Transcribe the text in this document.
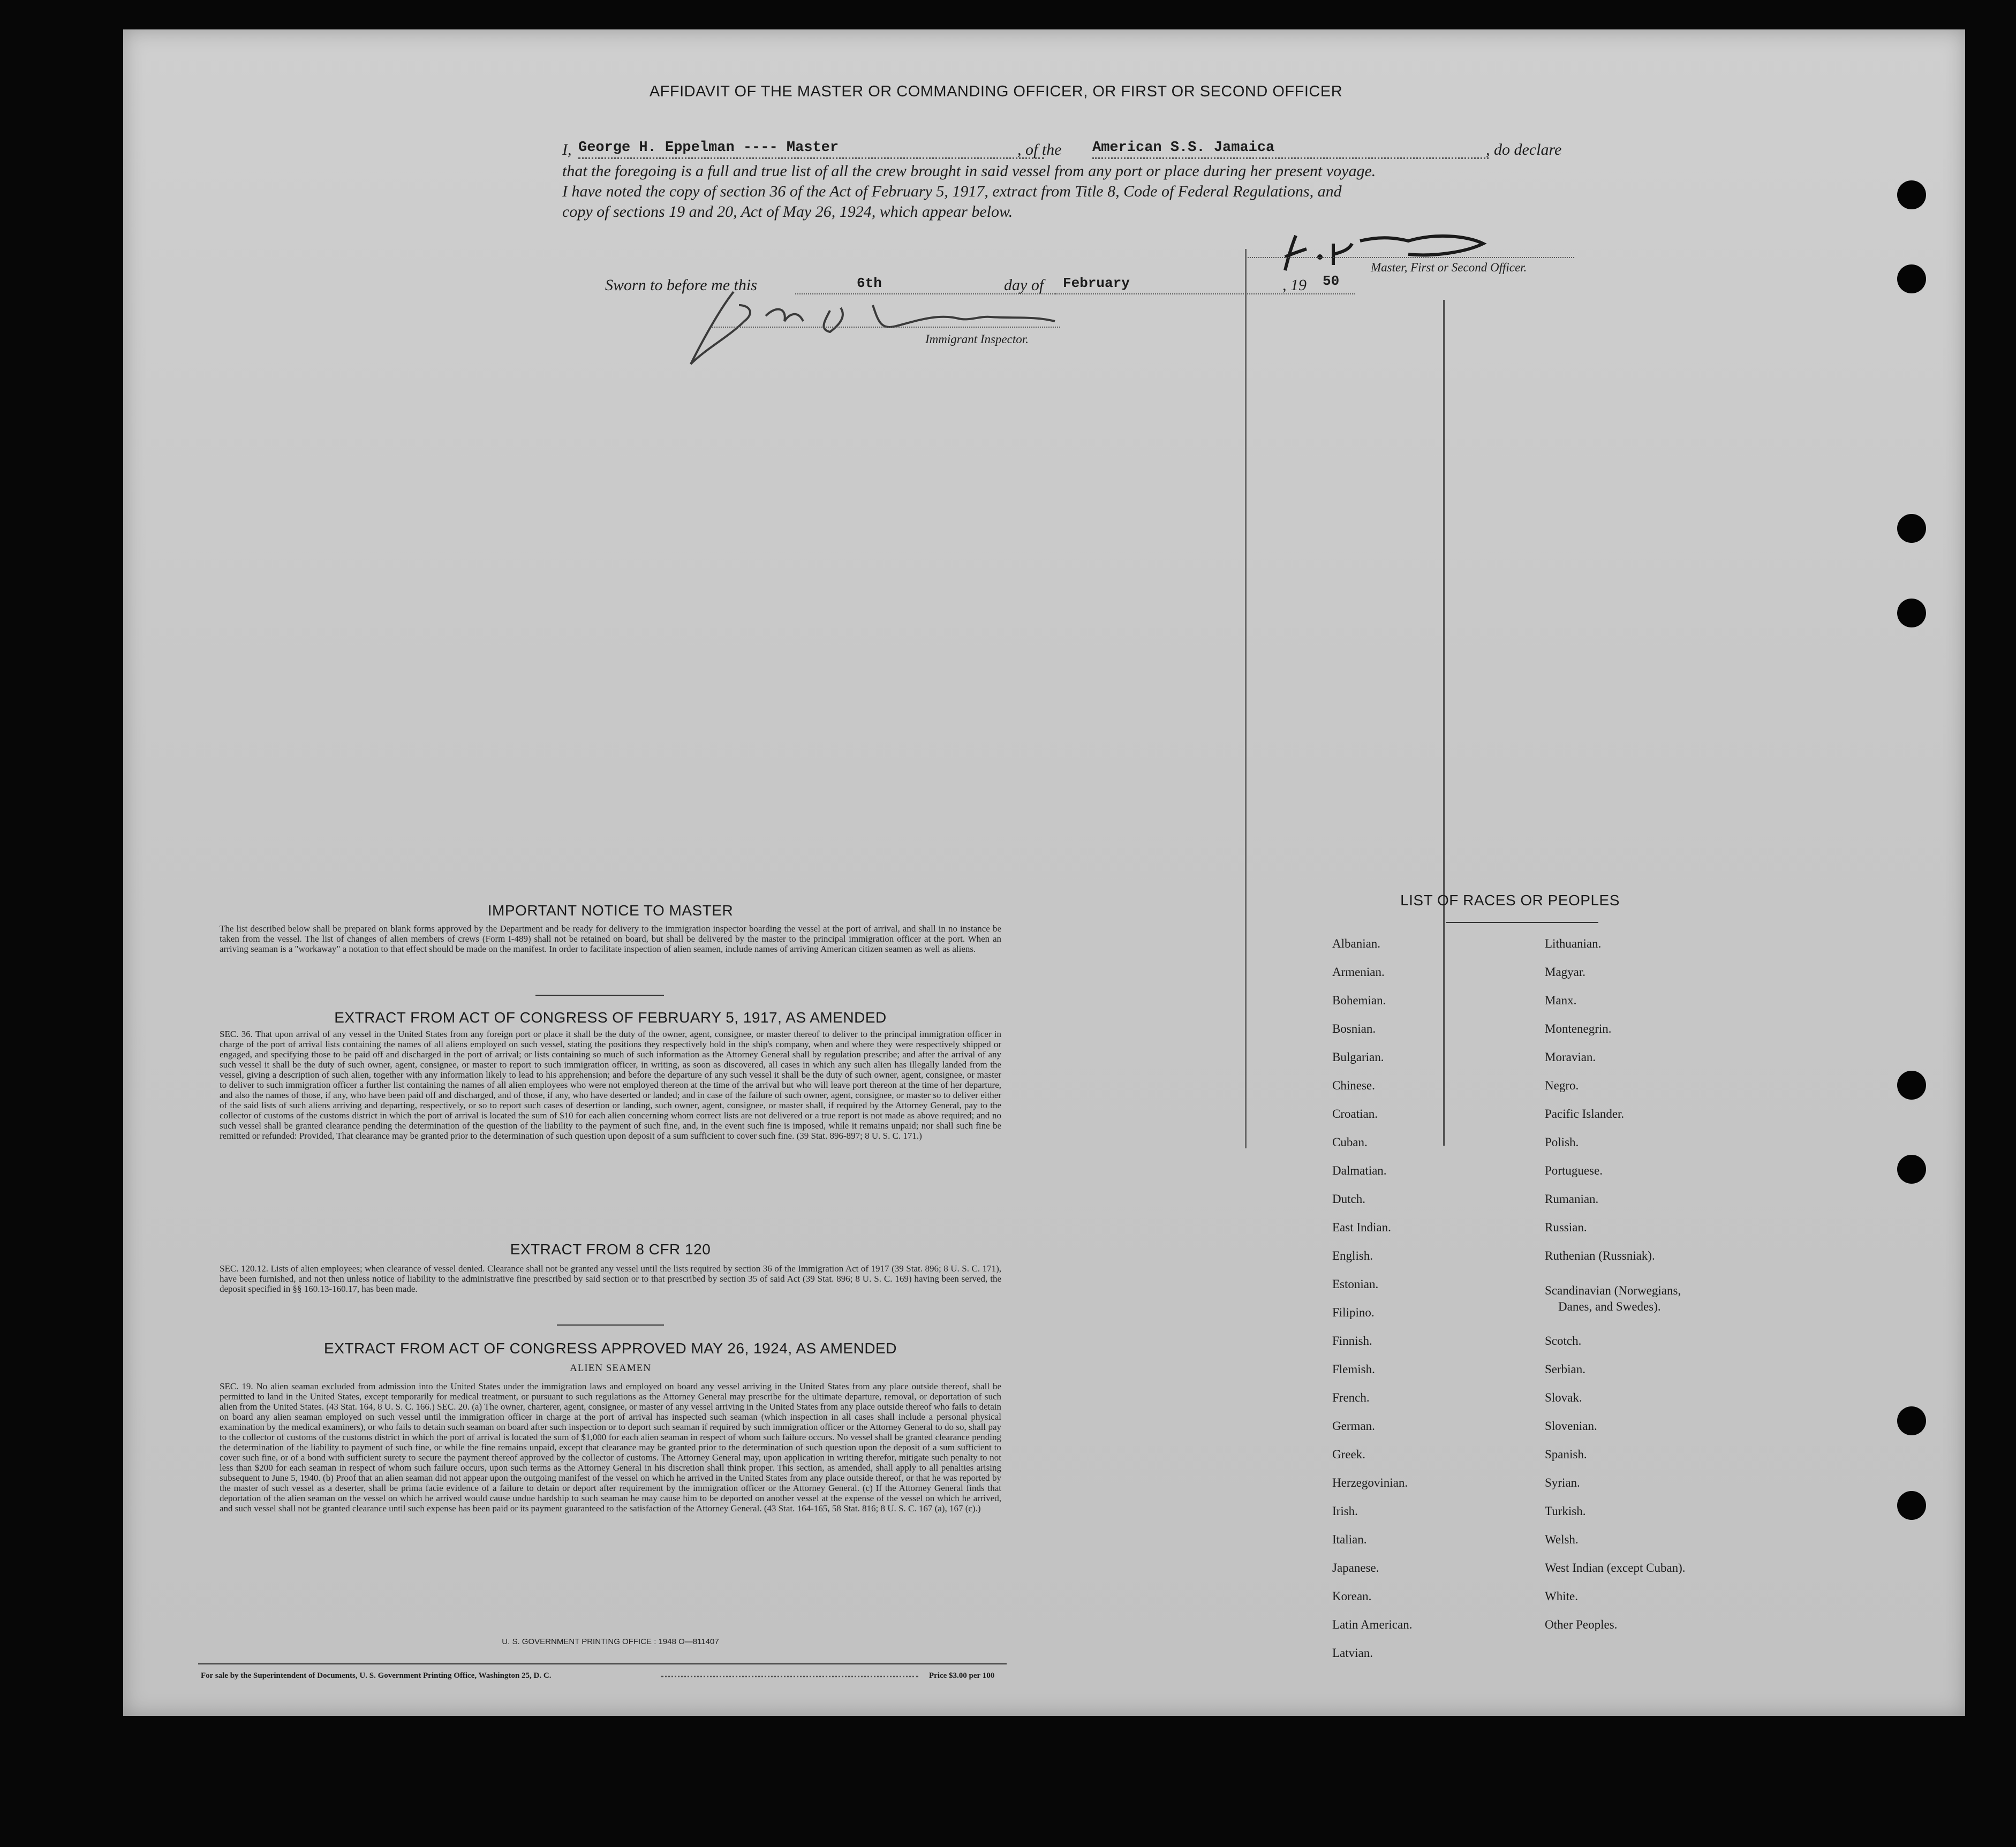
AFFIDAVIT OF THE MASTER OR COMMANDING OFFICER, OR FIRST OR SECOND OFFICER
I, George H. Eppelman ---- Master	, of the American S.S. Jamaica	, do declare
that the foregoing is a full and true list of all the crew brought in said vessel from any port or place during her present voyage.
I have noted the copy of section 36 of the Act of February 5, 1917, extract from Title 8, Code of Federal Regulations, and
copy of sections 19 and 20, Act of May 26, 1924, which appear below.
Master, First or Second Officer.
Sworn to before me this	6th	day of February	, 19 50
Immigrant Inspector.
IMPORTANT NOTICE TO MASTER
The list described below shall be prepared on blank forms approved by the Department and be ready for delivery to the immigration inspector boarding the vessel at the port of arrival, and shall in no instance be taken from the vessel. The list of changes of alien members of crews (Form I-489) shall not be retained on board, but shall be delivered by the master to the principal immigration officer at the port. When an arriving seaman is a "workaway" a notation to that effect should be made on the manifest. In order to facilitate inspection of alien seamen, include names of arriving American citizen seamen as well as aliens.
EXTRACT FROM ACT OF CONGRESS OF FEBRUARY 5, 1917, AS AMENDED
SEC. 36. That upon arrival of any vessel in the United States from any foreign port or place it shall be the duty of the owner, agent, consignee, or master thereof to deliver to the principal immigration officer in charge of the port of arrival lists containing the names of all aliens employed on such vessel, stating the positions they respectively hold in the ship's company, when and where they were respectively shipped or engaged, and specifying those to be paid off and discharged in the port of arrival; or lists containing so much of such information as the Attorney General shall by regulation prescribe; and after the arrival of any such vessel it shall be the duty of such owner, agent, consignee, or master to report to such immigration officer, in writing, as soon as discovered, all cases in which any such alien has illegally landed from the vessel, giving a description of such alien, together with any information likely to lead to his apprehension; and before the departure of any such vessel it shall be the duty of such owner, agent, consignee, or master to deliver to such immigration officer a further list containing the names of all alien employees who were not employed thereon at the time of the arrival but who will leave port thereon at the time of her departure, and also the names of those, if any, who have been paid off and discharged, and of those, if any, who have deserted or landed; and in case of the failure of such owner, agent, consignee, or master so to deliver either of the said lists of such aliens arriving and departing, respectively, or so to report such cases of desertion or landing, such owner, agent, consignee, or master shall, if required by the Attorney General, pay to the collector of customs of the customs district in which the port of arrival is located the sum of $10 for each alien concerning whom correct lists are not delivered or a true report is not made as above required; and no such vessel shall be granted clearance pending the determination of the question of the liability to the payment of such fine, and, in the event such fine is imposed, while it remains unpaid; nor shall such fine be remitted or refunded: Provided, That clearance may be granted prior to the determination of such question upon deposit of a sum sufficient to cover such fine. (39 Stat. 896-897; 8 U. S. C. 171.)
EXTRACT FROM 8 CFR 120
SEC. 120.12. Lists of alien employees; when clearance of vessel denied. Clearance shall not be granted any vessel until the lists required by section 36 of the Immigration Act of 1917 (39 Stat. 896; 8 U. S. C. 171), have been furnished, and not then unless notice of liability to the administrative fine prescribed by said section or to that prescribed by section 35 of said Act (39 Stat. 896; 8 U. S. C. 169) having been served, the deposit specified in §§ 160.13-160.17, has been made.
EXTRACT FROM ACT OF CONGRESS APPROVED MAY 26, 1924, AS AMENDED
ALIEN SEAMEN
SEC. 19. No alien seaman excluded from admission into the United States under the immigration laws and employed on board any vessel arriving in the United States from any place outside thereof, shall be permitted to land in the United States, except temporarily for medical treatment, or pursuant to such regulations as the Attorney General may prescribe for the ultimate departure, removal, or deportation of such alien from the United States. (43 Stat. 164, 8 U. S. C. 166.) SEC. 20. (a) The owner, charterer, agent, consignee, or master of any vessel arriving in the United States from any place outside thereof who fails to detain on board any alien seaman employed on such vessel until the immigration officer in charge at the port of arrival has inspected such seaman (which inspection in all cases shall include a personal physical examination by the medical examiners), or who fails to detain such seaman on board after such inspection or to deport such seaman if required by such immigration officer or the Attorney General to do so, shall pay to the collector of customs of the customs district in which the port of arrival is located the sum of $1,000 for each alien seaman in respect of whom such failure occurs. No vessel shall be granted clearance pending the determination of the liability to payment of such fine, or while the fine remains unpaid, except that clearance may be granted prior to the determination of such question upon the deposit of a sum sufficient to cover such fine, or of a bond with sufficient surety to secure the payment thereof approved by the collector of customs. The Attorney General may, upon application in writing therefor, mitigate such penalty to not less than $200 for each seaman in respect of whom such failure occurs, upon such terms as the Attorney General in his discretion shall think proper. This section, as amended, shall apply to all penalties arising subsequent to June 5, 1940. (b) Proof that an alien seaman did not appear upon the outgoing manifest of the vessel on which he arrived in the United States from any place outside thereof, or that he was reported by the master of such vessel as a deserter, shall be prima facie evidence of a failure to detain or deport after requirement by the immigration officer or the Attorney General. (c) If the Attorney General finds that deportation of the alien seaman on the vessel on which he arrived would cause undue hardship to such seaman he may cause him to be deported on another vessel at the expense of the vessel on which he arrived, and such vessel shall not be granted clearance until such expense has been paid or its payment guaranteed to the satisfaction of the Attorney General. (43 Stat. 164-165, 58 Stat. 816; 8 U. S. C. 167 (a), 167 (c).)
U. S. GOVERNMENT PRINTING OFFICE : 1948 O—811407
For sale by the Superintendent of Documents, U. S. Government Printing Office, Washington 25, D. C.	Price $3.00 per 100
LIST OF RACES OR PEOPLES
Albanian.
Armenian.
Bohemian.
Bosnian.
Bulgarian.
Chinese.
Croatian.
Cuban.
Dalmatian.
Dutch.
East Indian.
English.
Estonian.
Filipino.
Finnish.
Flemish.
French.
German.
Greek.
Herzegovinian.
Irish.
Italian.
Japanese.
Korean.
Latin American.
Latvian.
Lithuanian.
Magyar.
Manx.
Montenegrin.
Moravian.
Negro.
Pacific Islander.
Polish.
Portuguese.
Rumanian.
Russian.
Ruthenian (Russniak).
Scandinavian (Norwegians,
Danes, and Swedes).
Scotch.
Serbian.
Slovak.
Slovenian.
Spanish.
Syrian.
Turkish.
Welsh.
West Indian (except Cuban).
White.
Other Peoples.
